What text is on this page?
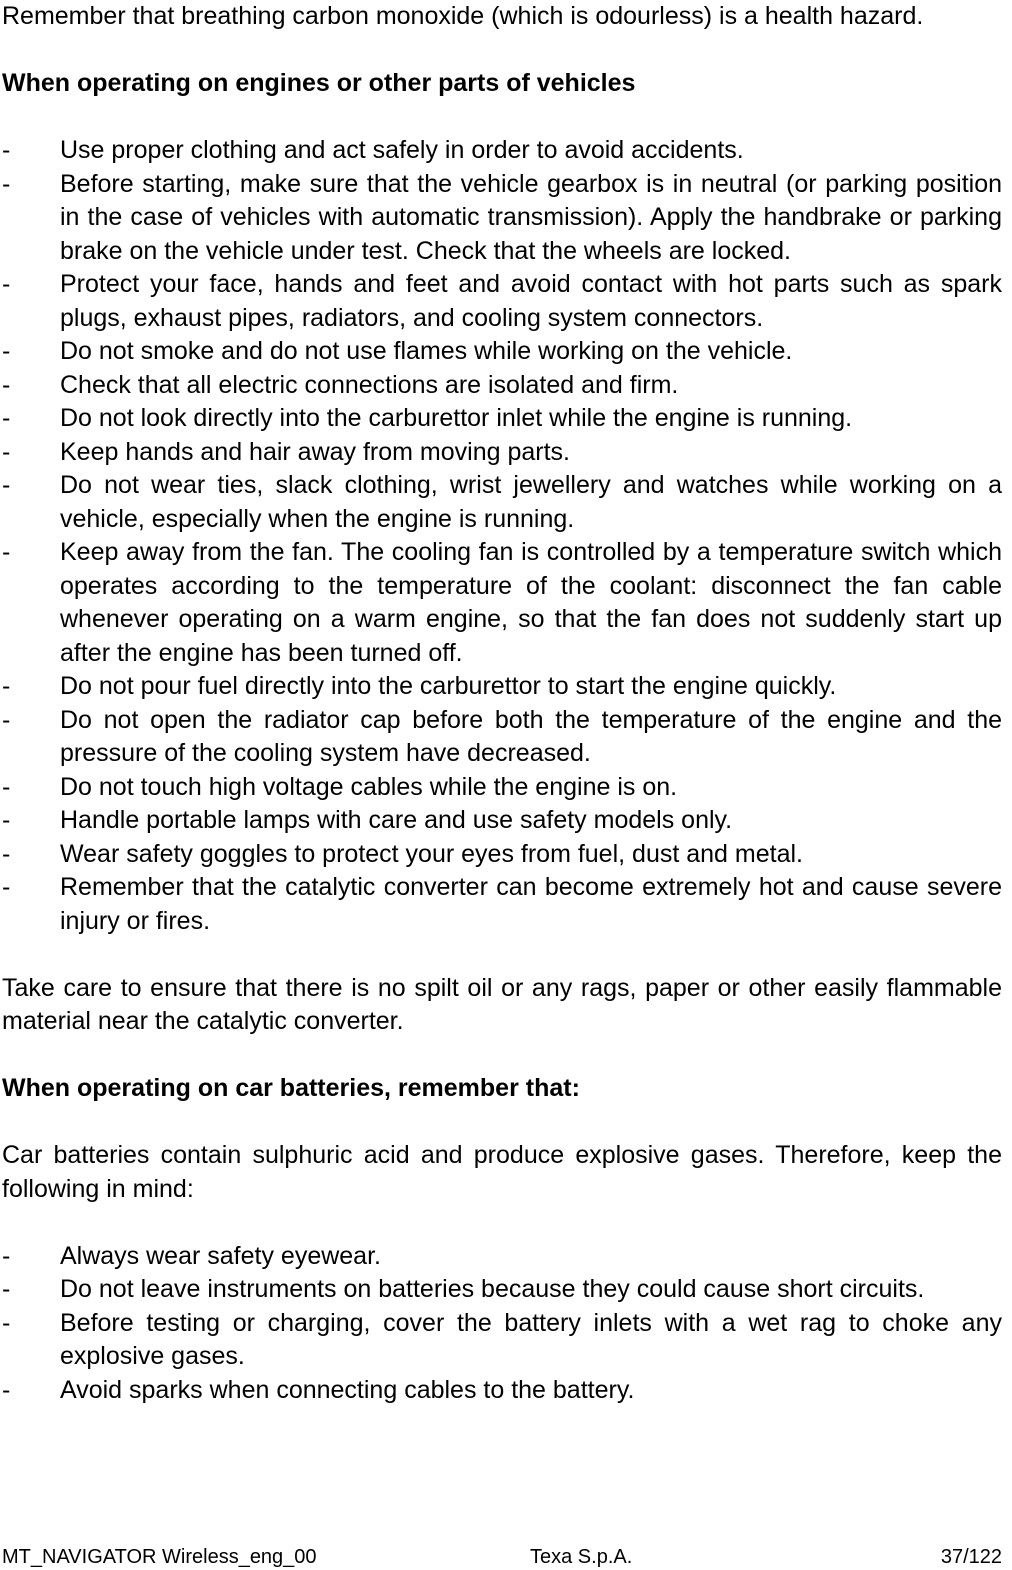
Remember that breathing carbon monoxide (which is odourless) is a health hazard.

When operating on engines or other parts of vehicles

- Use proper clothing and act safely in order to avoid accidents.
- Before starting, make sure that the vehicle gearbox is in neutral (or parking position in the case of vehicles with automatic transmission). Apply the handbrake or parking brake on the vehicle under test. Check that the wheels are locked.
- Protect your face, hands and feet and avoid contact with hot parts such as spark plugs, exhaust pipes, radiators, and cooling system connectors.
- Do not smoke and do not use flames while working on the vehicle.
- Check that all electric connections are isolated and firm.
- Do not look directly into the carburettor inlet while the engine is running.
- Keep hands and hair away from moving parts.
- Do not wear ties, slack clothing, wrist jewellery and watches while working on a vehicle, especially when the engine is running.
- Keep away from the fan. The cooling fan is controlled by a temperature switch which operates according to the temperature of the coolant: disconnect the fan cable whenever operating on a warm engine, so that the fan does not suddenly start up after the engine has been turned off.
- Do not pour fuel directly into the carburettor to start the engine quickly.
- Do not open the radiator cap before both the temperature of the engine and the pressure of the cooling system have decreased.
- Do not touch high voltage cables while the engine is on.
- Handle portable lamps with care and use safety models only.
- Wear safety goggles to protect your eyes from fuel, dust and metal.
- Remember that the catalytic converter can become extremely hot and cause severe injury or fires.

Take care to ensure that there is no spilt oil or any rags, paper or other easily flammable material near the catalytic converter.

When operating on car batteries, remember that:

Car batteries contain sulphuric acid and produce explosive gases. Therefore, keep the following in mind:

- Always wear safety eyewear.
- Do not leave instruments on batteries because they could cause short circuits.
- Before testing or charging, cover the battery inlets with a wet rag to choke any explosive gases.
- Avoid sparks when connecting cables to the battery.
MT_NAVIGATOR Wireless_eng_00	Texa S.p.A.	37/122
